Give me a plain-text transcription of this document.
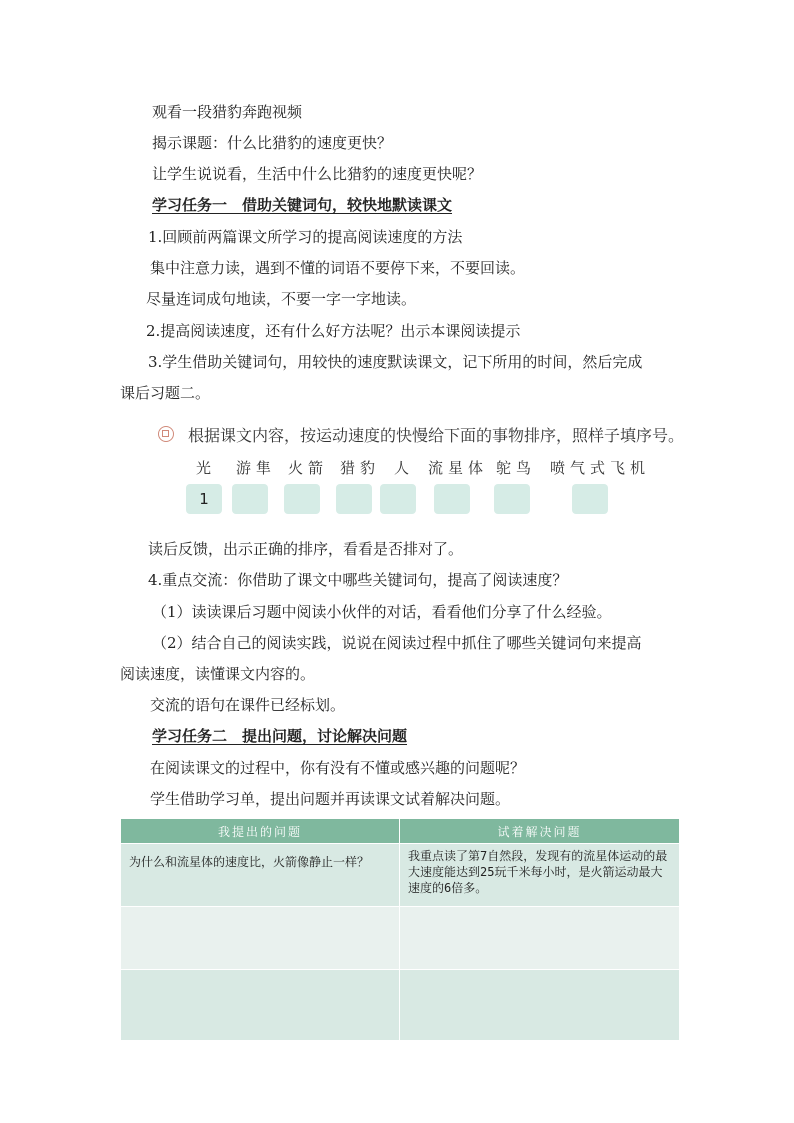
观看一段猎豹奔跑视频
揭示课题：什么比猎豹的速度更快？
让学生说说看，生活中什么比猎豹的速度更快呢？
学习任务一　借助关键词句，较快地默读课文
1.回顾前两篇课文所学习的提高阅读速度的方法
集中注意力读，遇到不懂的词语不要停下来，不要回读。
尽量连词成句地读，不要一字一字地读。
2.提高阅读速度，还有什么好方法呢？出示本课阅读提示
3.学生借助关键词句，用较快的速度默读课文，记下所用的时间，然后完成
课后习题二。
根据课文内容，按运动速度的快慢给下面的事物排序，照样子填序号。
光 游隼 火箭 猎豹 人 流星体 鸵鸟 喷气式飞机
1
读后反馈，出示正确的排序，看看是否排对了。
4.重点交流：你借助了课文中哪些关键词句，提高了阅读速度？
（1）读读课后习题中阅读小伙伴的对话，看看他们分享了什么经验。
（2）结合自己的阅读实践，说说在阅读过程中抓住了哪些关键词句来提高
阅读速度，读懂课文内容的。
交流的语句在课件已经标划。
学习任务二　提出问题，讨论解决问题
在阅读课文的过程中，你有没有不懂或感兴趣的问题呢？
学生借助学习单，提出问题并再读课文试着解决问题。
我提出的问题	试着解决问题
为什么和流星体的速度比，火箭像静止一样？	我重点读了第7自然段，发现有的流星体运动的最大速度能达到25玩千米每小时，是火箭运动最大速度的6倍多。
